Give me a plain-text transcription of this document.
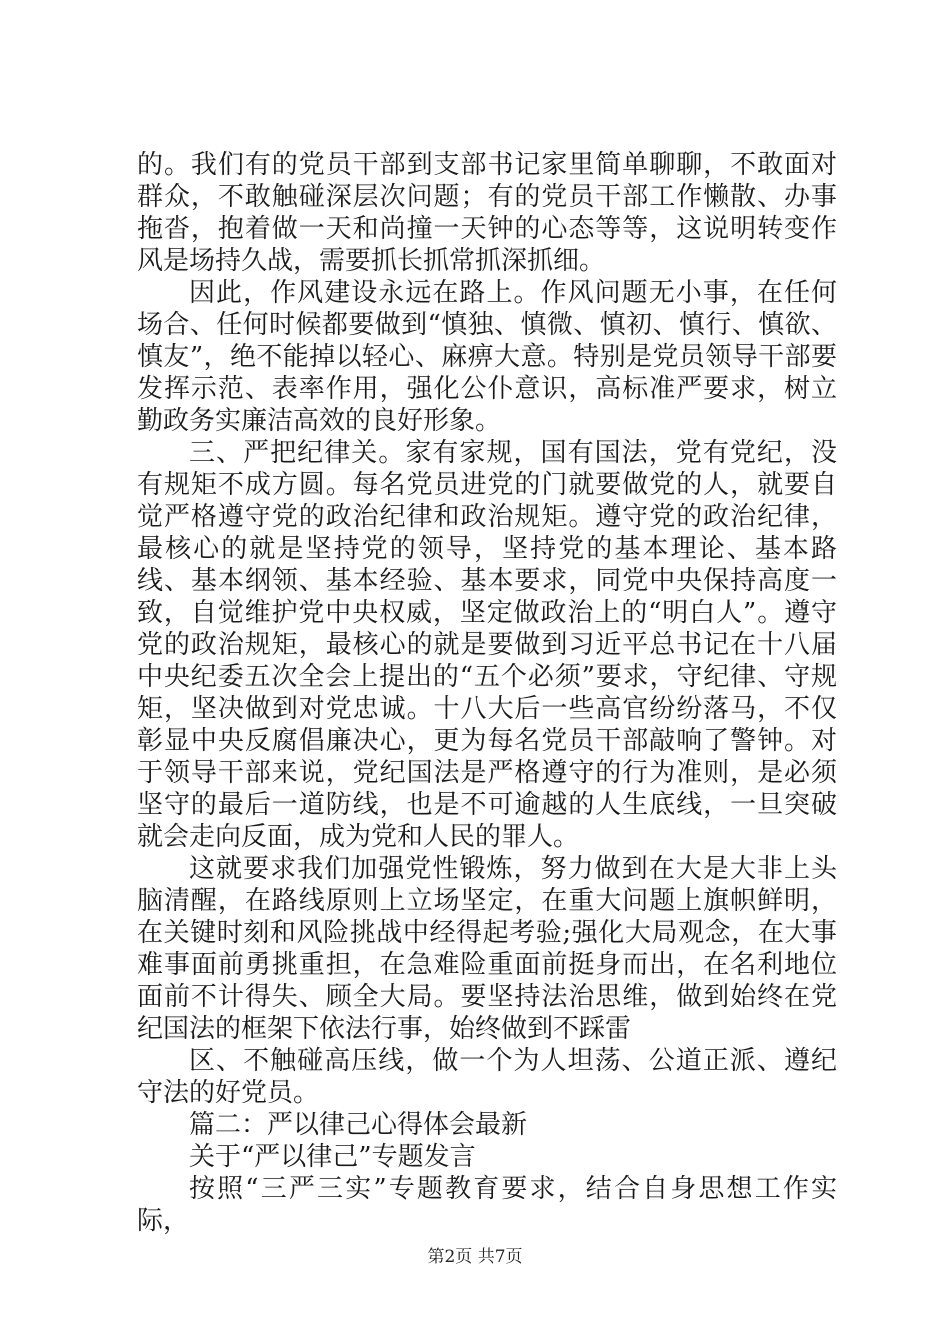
的。我们有的党员干部到支部书记家里简单聊聊，不敢面对群众，不敢触碰深层次问题；有的党员干部工作懒散、办事拖沓，抱着做一天和尚撞一天钟的心态等等，这说明转变作风是场持久战，需要抓长抓常抓深抓细。

因此，作风建设永远在路上。作风问题无小事，在任何场合、任何时候都要做到“慎独、慎微、慎初、慎行、慎欲、慎友”，绝不能掉以轻心、麻痹大意。特别是党员领导干部要发挥示范、表率作用，强化公仆意识，高标准严要求，树立勤政务实廉洁高效的良好形象。

三、严把纪律关。家有家规，国有国法，党有党纪，没有规矩不成方圆。每名党员进党的门就要做党的人，就要自觉严格遵守党的政治纪律和政治规矩。遵守党的政治纪律，最核心的就是坚持党的领导，坚持党的基本理论、基本路线、基本纲领、基本经验、基本要求，同党中央保持高度一致，自觉维护党中央权威，坚定做政治上的“明白人”。遵守党的政治规矩，最核心的就是要做到习近平总书记在十八届中央纪委五次全会上提出的“五个必须”要求，守纪律、守规矩，坚决做到对党忠诚。十八大后一些高官纷纷落马，不仅彰显中央反腐倡廉决心，更为每名党员干部敲响了警钟。对于领导干部来说，党纪国法是严格遵守的行为准则，是必须坚守的最后一道防线，也是不可逾越的人生底线，一旦突破就会走向反面，成为党和人民的罪人。

这就要求我们加强党性锻炼，努力做到在大是大非上头脑清醒，在路线原则上立场坚定，在重大问题上旗帜鲜明，在关键时刻和风险挑战中经得起考验;强化大局观念，在大事难事面前勇挑重担，在急难险重面前挺身而出，在名利地位面前不计得失、顾全大局。要坚持法治思维，做到始终在党纪国法的框架下依法行事，始终做到不踩雷

区、不触碰高压线，做一个为人坦荡、公道正派、遵纪守法的好党员。

篇二：严以律己心得体会最新

关于“严以律己”专题发言

按照“三严三实”专题教育要求，结合自身思想工作实际，

第2页 共7页
